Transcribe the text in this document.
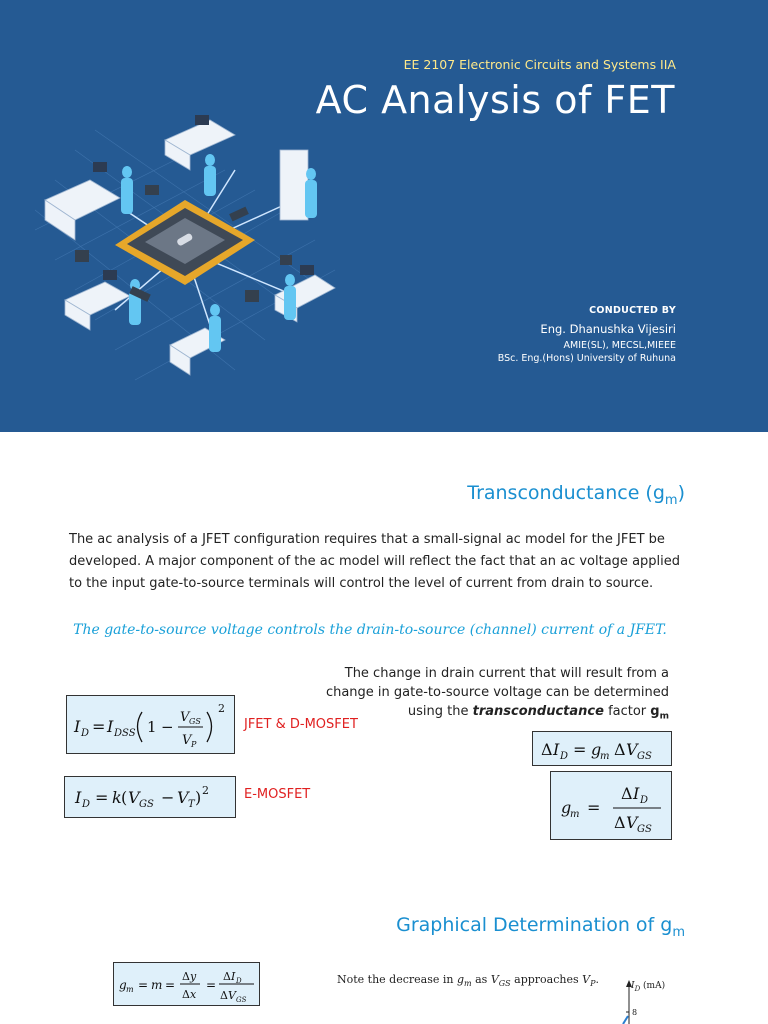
EE 2107 Electronic Circuits and Systems IIA
AC Analysis of FET
CONDUCTED BY
Eng. Dhanushka Vijesiri
AMIE(SL), MECSL,MIEEE
BSc. Eng.(Hons) University of Ruhuna
Transconductance $(g_m)$
The ac analysis of a JFET configuration requires that a small-signal ac model for the JFET be
developed. A major component of the ac model will reflect the fact that an ac voltage applied
to the input gate-to-source terminals will control the level of current from drain to source.
The gate-to-source voltage controls the drain-to-source (channel) current of a JFET.
The change in drain current that will result from a
change in gate-to-source voltage can be determined
using the transconductance factor $g_m$
I D = I DSS 1 −
V GS
V P
2
JFET & D-MOSFET
I D = k ( V GS − V T ) 2	E-MOSFET
Δ I D = g
m Δ V GS
g
m =
Δ I D
Δ V GS
Graphical Determination of $g_m$
g m = m =
Δ y
Δ x
=
Δ I D
Δ V GS
Note the decrease in $g_m$ as $V_{GS}$ approaches $V_P$.	$I_D$ (mA)
8
